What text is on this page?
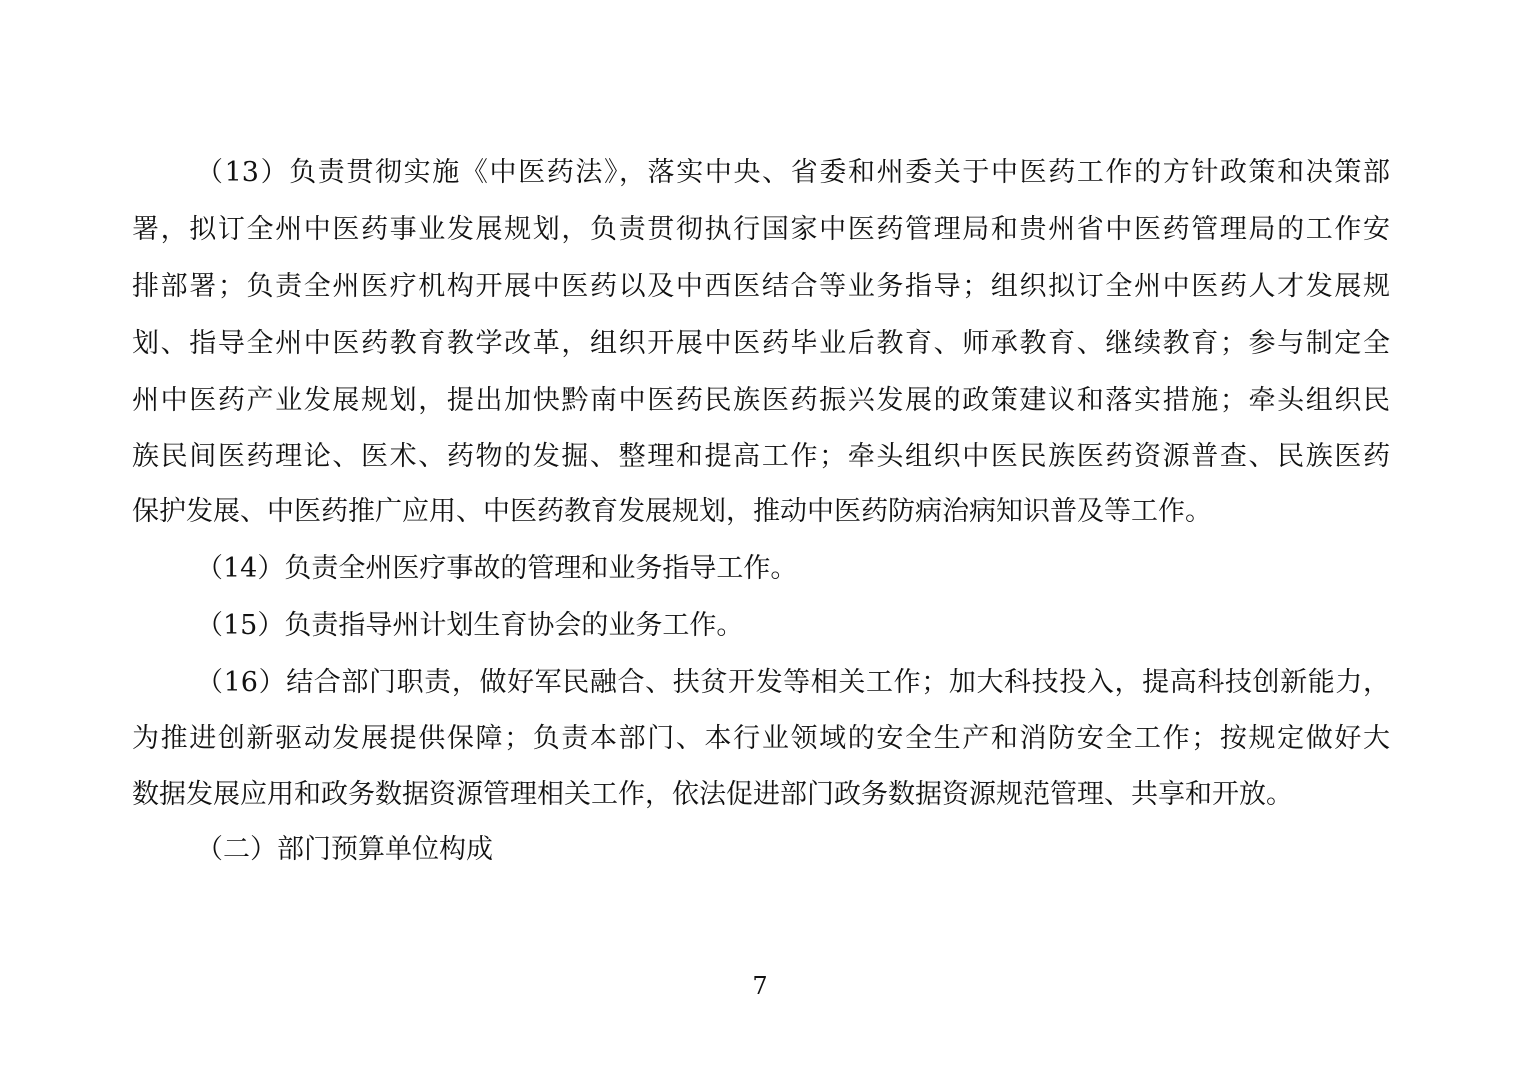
（13）负责贯彻实施《中医药法》，落实中央、省委和州委关于中医药工作的方针政策和决策部
署，拟订全州中医药事业发展规划，负责贯彻执行国家中医药管理局和贵州省中医药管理局的工作安
排部署；负责全州医疗机构开展中医药以及中西医结合等业务指导；组织拟订全州中医药人才发展规
划、指导全州中医药教育教学改革，组织开展中医药毕业后教育、师承教育、继续教育；参与制定全
州中医药产业发展规划，提出加快黔南中医药民族医药振兴发展的政策建议和落实措施；牵头组织民
族民间医药理论、医术、药物的发掘、整理和提高工作；牵头组织中医民族医药资源普查、民族医药
保护发展、中医药推广应用、中医药教育发展规划，推动中医药防病治病知识普及等工作。
（14）负责全州医疗事故的管理和业务指导工作。
（15）负责指导州计划生育协会的业务工作。
（16）结合部门职责，做好军民融合、扶贫开发等相关工作；加大科技投入，提高科技创新能力，
为推进创新驱动发展提供保障；负责本部门、本行业领域的安全生产和消防安全工作；按规定做好大
数据发展应用和政务数据资源管理相关工作，依法促进部门政务数据资源规范管理、共享和开放。
（二）部门预算单位构成
7
